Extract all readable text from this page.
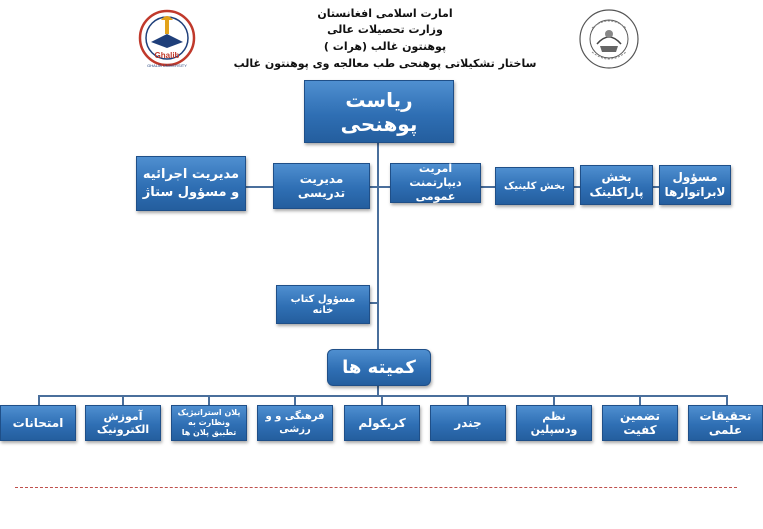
امارت اسلامی افغانستان
وزارت تحصیلات عالی
پوهنتون غالب (هرات )
ساختار تشکیلاتی پوهنحی طب معالجه وی پوهنتون غالب
Ghalib
GHALIB UNIVERSITY
ریاست پوهنحی
مدیریت اجرائیه و مسؤول ستاژ
مدیریت تدریسی
امریت دیپارتمنت عمومی
بخش کلینیک
بخش پاراکلینک
مسؤول لابراتوارها
مسؤول کتاب خانه
کمیته ها
امتحانات	آموزش الکترونیک
پلان استراتیژیک ونظارت به تطبیق پلان ها
فرهنگی و و رزشی	کریکولم	جندر	نظم ودسپلین
تضمین کفیت
تحقیقات علمی
